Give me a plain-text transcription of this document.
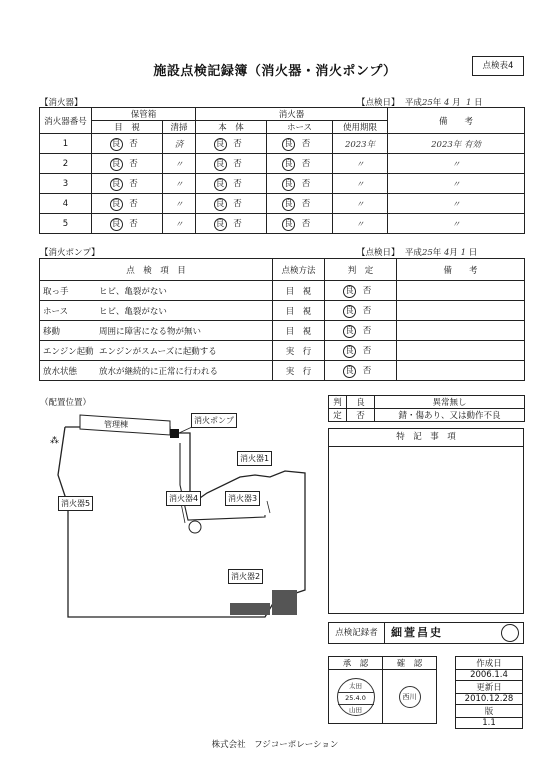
施設点検記録簿（消火器・消火ポンプ）	点検表4
【消火器】	【点検日】 平成25年 4 月 1 日
消火器番号	保管箱		消火器			備　　考
	目　視	清掃	本　体	ホース	使用期限	
1	良 否	済	良 否	良 否	2023年	2023年 有効
2	良 否	〃	良 否	良 否	〃	〃
3	良 否	〃	良 否	良 否	〃	〃
4	良 否	〃	良 否	良 否	〃	〃
5	良 否	〃	良 否	良 否	〃	〃
【消火ポンプ】	【点検日】 平成25年 4月 1 日
点　検　項　目	点検方法	判　定	備　　考
取っ手 ヒビ、亀裂がない	目　視	良 否	
ホース ヒビ、亀裂がない	目　視	良 否	
移動 周囲に障害になる物が無い	目　視	良 否	
エンジン起動 エンジンがスムーズに起動する	実　行	良 否	
放水状態 放水が継続的に正常に行われる	実　行	良 否	
（配置位置）
⁂
管理棟	消火ポンプ
消火器1
消火器2
消火器3
消火器4
消火器5
判	良	異常無し
定	否	錆・傷あり、又は動作不良
特　記　事　項
点検記録者	細萱昌史
承　認	確　認

太田
25.4.0
山田	西川
作成日
2006.1.4
更新日
2010.12.28
版
1.1
株式会社　フジコーポレーション
